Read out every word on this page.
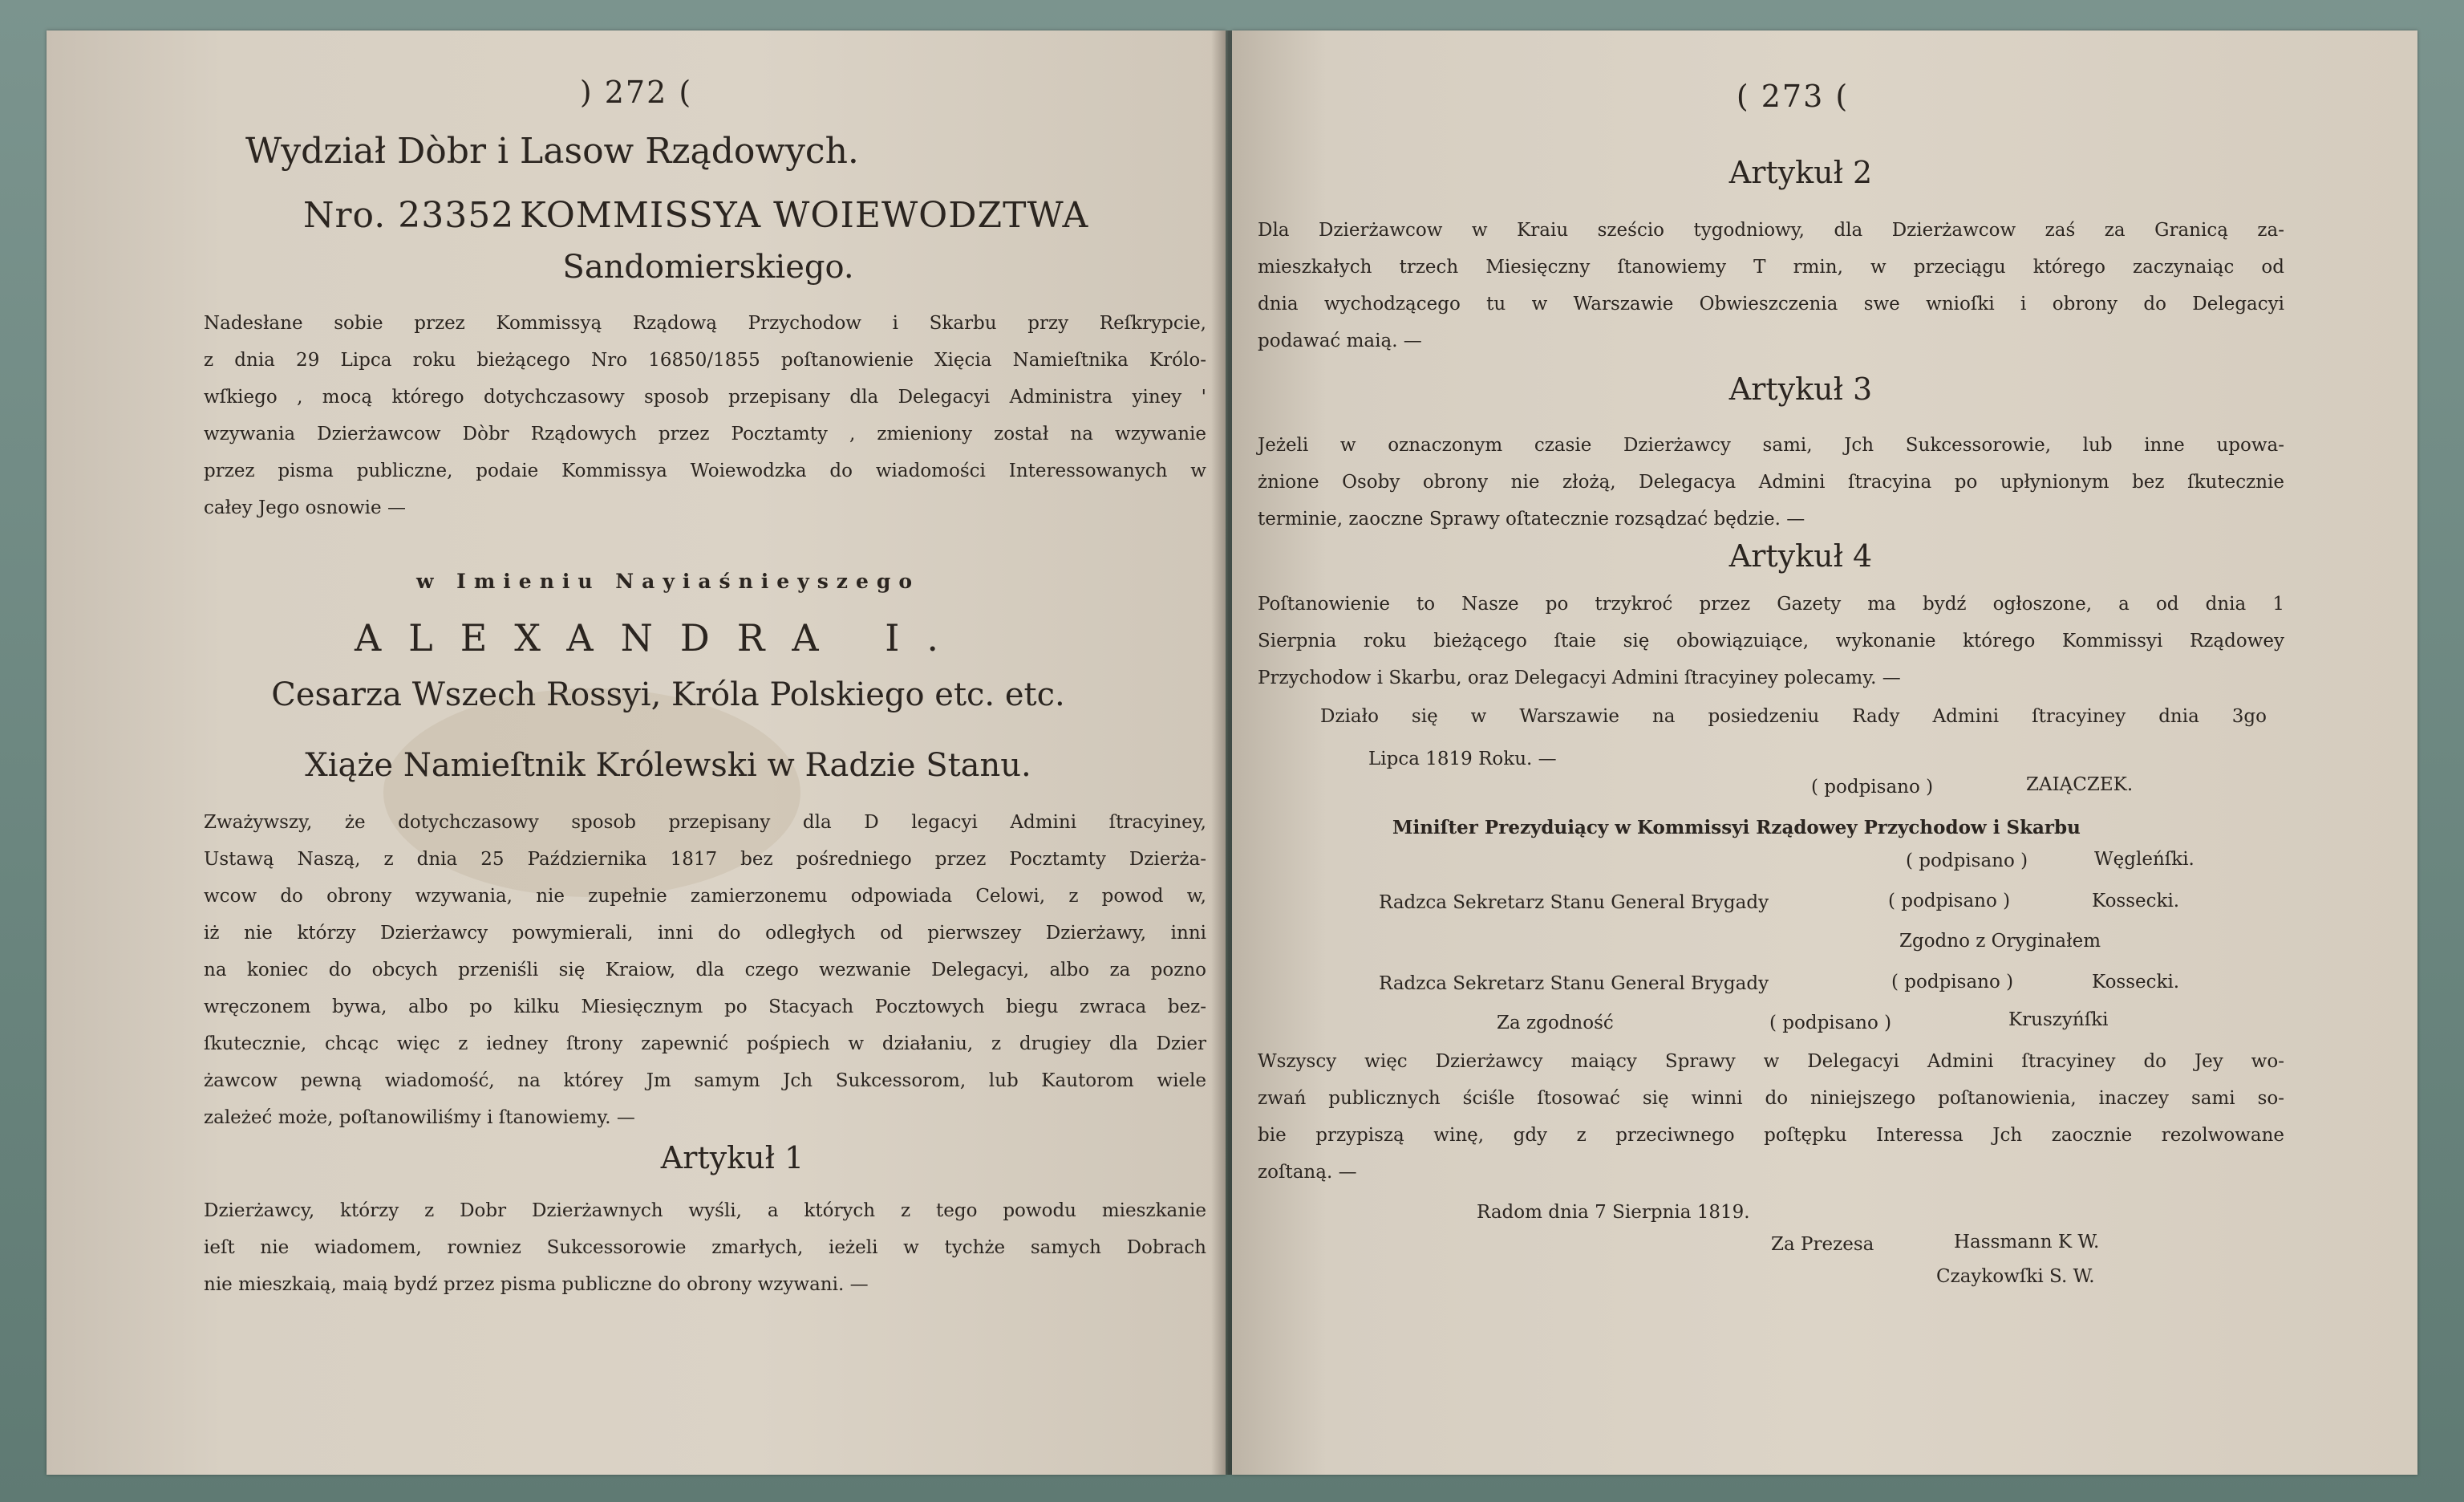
) 272 (
Wydział Dòbr i Lasow Rządowych.
Nro. 23352 KOMMISSYA WOIEWODZTWA
Sandomierskiego.
Nadesłane sobie przez Kommissyą Rządową Przychodow i Skarbu przy Reſkrypcie,
z dnia 29 Lipca roku bieżącego Nro 16850/1855 poſtanowienie Xięcia Namieſtnika Królo-
wſkiego , mocą którego dotychczasowy sposob przepisany dla Delegacyi Administra yiney '
wzywania Dzierżawcow Dòbr Rządowych przez Pocztamty , zmieniony został na wzywanie
przez pisma publiczne, podaie Kommissya Woiewodzka do wiadomości Interessowanych w
całey Jego osnowie —
w Imieniu Nayiaśnieyszego
ALEXANDRA I.
Cesarza Wszech Rossyi, Króla Polskiego etc. etc.
Xiąże Namieſtnik Królewski w Radzie Stanu.
Zważywszy, że dotychczasowy sposob przepisany dla D legacyi Admini ſtracyiney,
Ustawą Naszą, z dnia 25 Października 1817 bez pośredniego przez Pocztamty Dzierża-
wcow do obrony wzywania, nie zupełnie zamierzonemu odpowiada Celowi, z powod w,
iż nie którzy Dzierżawcy powymierali, inni do odległych od pierwszey Dzierżawy, inni
na koniec do obcych przeniśli się Kraiow, dla czego wezwanie Delegacyi, albo za pozno
wręczonem bywa, albo po kilku Miesięcznym po Stacyach Pocztowych biegu zwraca bez-
ſkutecznie, chcąc więc z iedney ſtrony zapewnić pośpiech w działaniu, z drugiey dla Dzier
żawcow pewną wiadomość, na którey Jm samym Jch Sukcessorom, lub Kautorom wiele
zależeć może, poſtanowiliśmy i ſtanowiemy. —
Artykuł 1
Dzierżawcy, którzy z Dobr Dzierżawnych wyśli, a których z tego powodu mieszkanie
ieſt nie wiadomem, rowniez Sukcessorowie zmarłych, ieżeli w tychże samych Dobrach
nie mieszkaią, maią bydź przez pisma publiczne do obrony wzywani. —
( 273 (
Artykuł 2
Dla Dzierżawcow w Kraiu sześcio tygodniowy, dla Dzierżawcow zaś za Granicą za-
mieszkałych trzech Miesięczny ſtanowiemy T rmin, w przeciągu którego zaczynaiąc od
dnia wychodzącego tu w Warszawie Obwieszczenia swe wnioſki i obrony do Delegacyi
podawać maią. —
Artykuł 3
Jeżeli w oznaczonym czasie Dzierżawcy sami, Jch Sukcessorowie, lub inne upowa-
żnione Osoby obrony nie złożą, Delegacya Admini ſtracyina po upłynionym bez ſkutecznie
terminie, zaoczne Sprawy oſtatecznie rozsądzać będzie. —
Artykuł 4
Poſtanowienie to Nasze po trzykroć przez Gazety ma bydź ogłoszone, a od dnia 1
Sierpnia roku bieżącego ſtaie się obowiązuiące, wykonanie którego Kommissyi Rządowey
Przychodow i Skarbu, oraz Delegacyi Admini ſtracyiney polecamy. —
Działo się w Warszawie na posiedzeniu Rady Admini ſtracyiney dnia 3go
Lipca 1819 Roku. —
( podpisano )	ZAIĄCZEK.
Miniſter Prezyduiący w Kommissyi Rządowey Przychodow i Skarbu
( podpisano )	Węgleńſki.
Radzca Sekretarz Stanu General Brygady	( podpisano )	Kossecki.
Zgodno z Oryginałem
Radzca Sekretarz Stanu General Brygady	( podpisano )	Kossecki.
Za zgodność	( podpisano )	Kruszyńſki
Wszyscy więc Dzierżawcy maiący Sprawy w Delegacyi Admini ſtracyiney do Jey wo-
zwań publicznych ściśle ſtosować się winni do niniejszego poſtanowienia, inaczey sami so-
bie przypiszą winę, gdy z przeciwnego poſtępku Interessa Jch zaocznie rezolwowane
zoſtaną. —
Radom dnia 7 Sierpnia 1819.
Za Prezesa	Hassmann K W.
Czaykowſki S. W.
